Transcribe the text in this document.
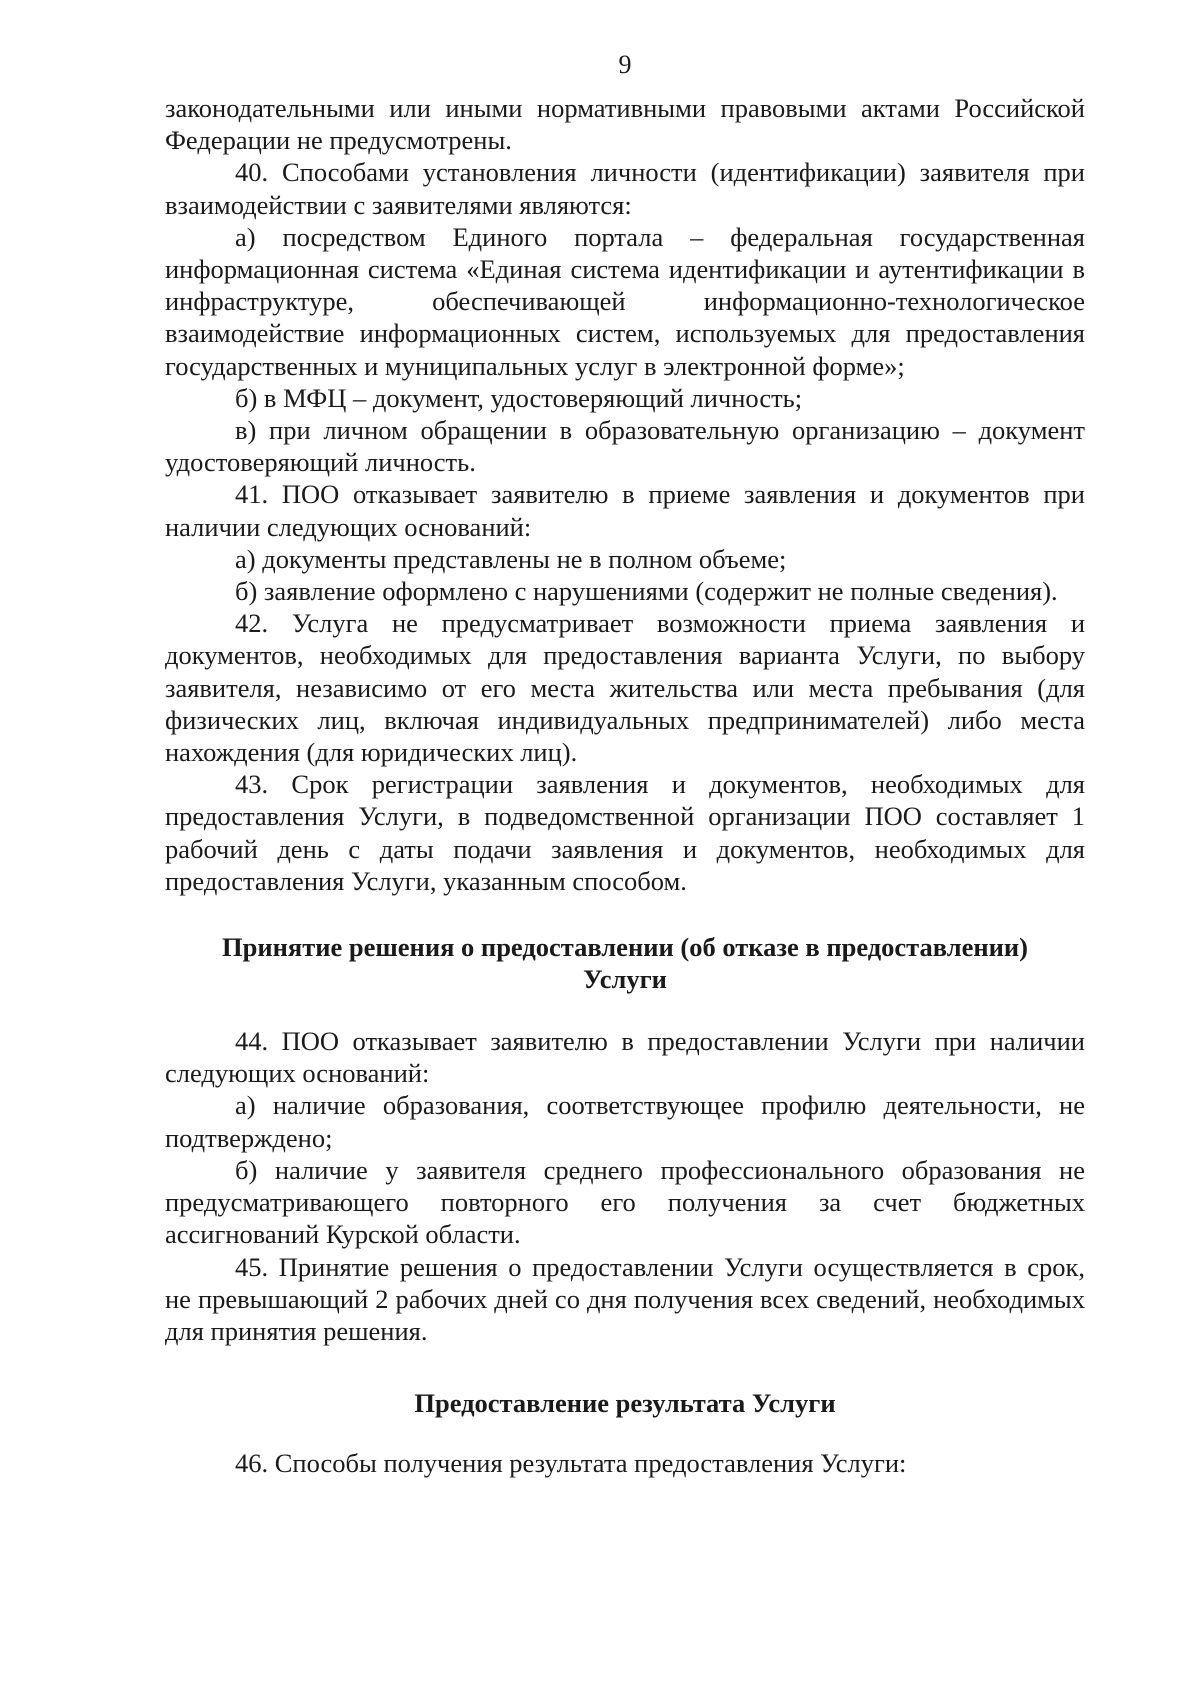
9

законодательными или иными нормативными правовыми актами Российской Федерации не предусмотрены.

40. Способами установления личности (идентификации) заявителя при взаимодействии с заявителями являются:

а) посредством Единого портала – федеральная государственная информационная система «Единая система идентификации и аутентификации в инфраструктуре, обеспечивающей информационно-технологическое взаимодействие информационных систем, используемых для предоставления государственных и муниципальных услуг в электронной форме»;

б) в МФЦ – документ, удостоверяющий личность;

в) при личном обращении в образовательную организацию – документ удостоверяющий личность.

41. ПОО отказывает заявителю в приеме заявления и документов при наличии следующих оснований:

а) документы представлены не в полном объеме;

б) заявление оформлено с нарушениями (содержит не полные сведения).

42. Услуга не предусматривает возможности приема заявления и документов, необходимых для предоставления варианта Услуги, по выбору заявителя, независимо от его места жительства или места пребывания (для физических лиц, включая индивидуальных предпринимателей) либо места нахождения (для юридических лиц).

43. Срок регистрации заявления и документов, необходимых для предоставления Услуги, в подведомственной организации ПОО составляет 1 рабочий день с даты подачи заявления и документов, необходимых для предоставления Услуги, указанным способом.

Принятие решения о предоставлении (об отказе в предоставлении)
Услуги

44. ПОО отказывает заявителю в предоставлении Услуги при наличии следующих оснований:

а) наличие образования, соответствующее профилю деятельности, не подтверждено;

б) наличие у заявителя среднего профессионального образования не предусматривающего повторного его получения за счет бюджетных ассигнований Курской области.

45. Принятие решения о предоставлении Услуги осуществляется в срок, не превышающий 2 рабочих дней со дня получения всех сведений, необходимых для принятия решения.

Предоставление результата Услуги

46. Способы получения результата предоставления Услуги:
